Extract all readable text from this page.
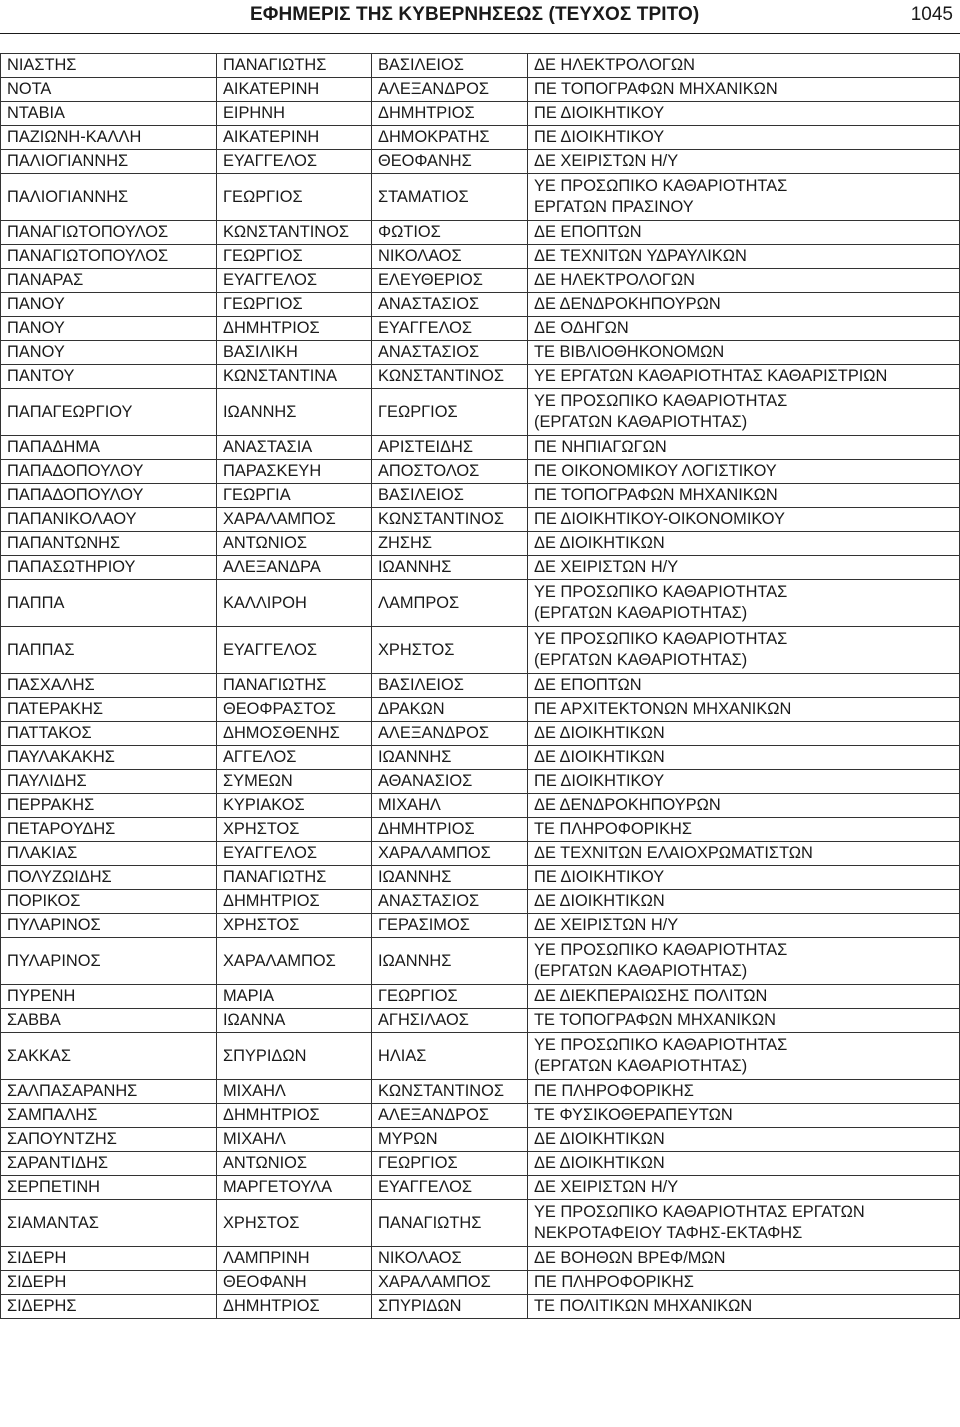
ΕΦΗΜΕΡΙΣ ΤΗΣ ΚΥΒΕΡΝΗΣΕΩΣ (ΤΕΥΧΟΣ ΤΡΙΤΟ)	1045
ΝΙΑΣΤΗΣ	ΠΑΝΑΓΙΩΤΗΣ	ΒΑΣΙΛΕΙΟΣ	ΔΕ ΗΛΕΚΤΡΟΛΟΓΩΝ

ΝΟΤΑ	ΑΙΚΑΤΕΡΙΝΗ	ΑΛΕΞΑΝΔΡΟΣ	ΠΕ ΤΟΠΟΓΡΑΦΩΝ ΜΗΧΑΝΙΚΩΝ

ΝΤΑΒΙΑ	ΕΙΡΗΝΗ	ΔΗΜΗΤΡΙΟΣ	ΠΕ ΔΙΟΙΚΗΤΙΚΟΥ

ΠΑΖΙΩΝΗ-ΚΑΛΛΗ	ΑΙΚΑΤΕΡΙΝΗ	ΔΗΜΟΚΡΑΤΗΣ	ΠΕ ΔΙΟΙΚΗΤΙΚΟΥ

ΠΑΛΙΟΓΙΑΝΝΗΣ	ΕΥΑΓΓΕΛΟΣ	ΘΕΟΦΑΝΗΣ	ΔΕ ΧΕΙΡΙΣΤΩΝ Η/Υ

ΠΑΛΙΟΓΙΑΝΝΗΣ	ΓΕΩΡΓΙΟΣ	ΣΤΑΜΑΤΙΟΣ	ΥΕ ΠΡΟΣΩΠΙΚΟ ΚΑΘΑΡΙΟΤΗΤΑΣ
ΕΡΓΑΤΩΝ ΠΡΑΣΙΝΟΥ

ΠΑΝΑΓΙΩΤΟΠΟΥΛΟΣ	ΚΩΝΣΤΑΝΤΙΝΟΣ	ΦΩΤΙΟΣ	ΔΕ ΕΠΟΠΤΩΝ

ΠΑΝΑΓΙΩΤΟΠΟΥΛΟΣ	ΓΕΩΡΓΙΟΣ	ΝΙΚΟΛΑΟΣ	ΔΕ ΤΕΧΝΙΤΩΝ ΥΔΡΑΥΛΙΚΩΝ

ΠΑΝΑΡΑΣ	ΕΥΑΓΓΕΛΟΣ	ΕΛΕΥΘΕΡΙΟΣ	ΔΕ ΗΛΕΚΤΡΟΛΟΓΩΝ

ΠΑΝΟΥ	ΓΕΩΡΓΙΟΣ	ΑΝΑΣΤΑΣΙΟΣ	ΔΕ ΔΕΝΔΡΟΚΗΠΟΥΡΩΝ

ΠΑΝΟΥ	ΔΗΜΗΤΡΙΟΣ	ΕΥΑΓΓΕΛΟΣ	ΔΕ ΟΔΗΓΩΝ

ΠΑΝΟΥ	ΒΑΣΙΛΙΚΗ	ΑΝΑΣΤΑΣΙΟΣ	ΤΕ ΒΙΒΛΙΟΘΗΚΟΝΟΜΩΝ

ΠΑΝΤΟΥ	ΚΩΝΣΤΑΝΤΙΝΑ	ΚΩΝΣΤΑΝΤΙΝΟΣ	ΥΕ ΕΡΓΑΤΩΝ ΚΑΘΑΡΙΟΤΗΤΑΣ ΚΑΘΑΡΙΣΤΡΙΩΝ

ΠΑΠΑΓΕΩΡΓΙΟΥ	ΙΩΑΝΝΗΣ	ΓΕΩΡΓΙΟΣ	ΥΕ ΠΡΟΣΩΠΙΚΟ ΚΑΘΑΡΙΟΤΗΤΑΣ
(ΕΡΓΑΤΩΝ ΚΑΘΑΡΙΟΤΗΤΑΣ)

ΠΑΠΑΔΗΜΑ	ΑΝΑΣΤΑΣΙΑ	ΑΡΙΣΤΕΙΔΗΣ	ΠΕ ΝΗΠΙΑΓΩΓΩΝ

ΠΑΠΑΔΟΠΟΥΛΟΥ	ΠΑΡΑΣΚΕΥΗ	ΑΠΟΣΤΟΛΟΣ	ΠΕ ΟΙΚΟΝΟΜΙΚΟΥ ΛΟΓΙΣΤΙΚΟΥ

ΠΑΠΑΔΟΠΟΥΛΟΥ	ΓΕΩΡΓΙΑ	ΒΑΣΙΛΕΙΟΣ	ΠΕ ΤΟΠΟΓΡΑΦΩΝ ΜΗΧΑΝΙΚΩΝ

ΠΑΠΑΝΙΚΟΛΑΟΥ	ΧΑΡΑΛΑΜΠΟΣ	ΚΩΝΣΤΑΝΤΙΝΟΣ	ΠΕ ΔΙΟΙΚΗΤΙΚΟΥ-ΟΙΚΟΝΟΜΙΚΟΥ

ΠΑΠΑΝΤΩΝΗΣ	ΑΝΤΩΝΙΟΣ	ΖΗΣΗΣ	ΔΕ ΔΙΟΙΚΗΤΙΚΩΝ

ΠΑΠΑΣΩΤΗΡΙΟΥ	ΑΛΕΞΑΝΔΡΑ	ΙΩΑΝΝΗΣ	ΔΕ ΧΕΙΡΙΣΤΩΝ Η/Υ

ΠΑΠΠΑ	ΚΑΛΛΙΡΟΗ	ΛΑΜΠΡΟΣ	ΥΕ ΠΡΟΣΩΠΙΚΟ ΚΑΘΑΡΙΟΤΗΤΑΣ
(ΕΡΓΑΤΩΝ ΚΑΘΑΡΙΟΤΗΤΑΣ)

ΠΑΠΠΑΣ	ΕΥΑΓΓΕΛΟΣ	ΧΡΗΣΤΟΣ	ΥΕ ΠΡΟΣΩΠΙΚΟ ΚΑΘΑΡΙΟΤΗΤΑΣ
(ΕΡΓΑΤΩΝ ΚΑΘΑΡΙΟΤΗΤΑΣ)

ΠΑΣΧΑΛΗΣ	ΠΑΝΑΓΙΩΤΗΣ	ΒΑΣΙΛΕΙΟΣ	ΔΕ ΕΠΟΠΤΩΝ

ΠΑΤΕΡΑΚΗΣ	ΘΕΟΦΡΑΣΤΟΣ	ΔΡΑΚΩΝ	ΠΕ ΑΡΧΙΤΕΚΤΟΝΩΝ ΜΗΧΑΝΙΚΩΝ

ΠΑΤΤΑΚΟΣ	ΔΗΜΟΣΘΕΝΗΣ	ΑΛΕΞΑΝΔΡΟΣ	ΔΕ ΔΙΟΙΚΗΤΙΚΩΝ

ΠΑΥΛΑΚΑΚΗΣ	ΑΓΓΕΛΟΣ	ΙΩΑΝΝΗΣ	ΔΕ ΔΙΟΙΚΗΤΙΚΩΝ

ΠΑΥΛΙΔΗΣ	ΣΥΜΕΩΝ	ΑΘΑΝΑΣΙΟΣ	ΠΕ ΔΙΟΙΚΗΤΙΚΟΥ

ΠΕΡΡΑΚΗΣ	ΚΥΡΙΑΚΟΣ	ΜΙΧΑΗΛ	ΔΕ ΔΕΝΔΡΟΚΗΠΟΥΡΩΝ

ΠΕΤΑΡΟΥΔΗΣ	ΧΡΗΣΤΟΣ	ΔΗΜΗΤΡΙΟΣ	ΤΕ ΠΛΗΡΟΦΟΡΙΚΗΣ

ΠΛΑΚΙΑΣ	ΕΥΑΓΓΕΛΟΣ	ΧΑΡΑΛΑΜΠΟΣ	ΔΕ ΤΕΧΝΙΤΩΝ ΕΛΑΙΟΧΡΩΜΑΤΙΣΤΩΝ

ΠΟΛΥΖΩΙΔΗΣ	ΠΑΝΑΓΙΩΤΗΣ	ΙΩΑΝΝΗΣ	ΠΕ ΔΙΟΙΚΗΤΙΚΟΥ

ΠΟΡΙΚΟΣ	ΔΗΜΗΤΡΙΟΣ	ΑΝΑΣΤΑΣΙΟΣ	ΔΕ ΔΙΟΙΚΗΤΙΚΩΝ

ΠΥΛΑΡΙΝΟΣ	ΧΡΗΣΤΟΣ	ΓΕΡΑΣΙΜΟΣ	ΔΕ ΧΕΙΡΙΣΤΩΝ Η/Υ

ΠΥΛΑΡΙΝΟΣ	ΧΑΡΑΛΑΜΠΟΣ	ΙΩΑΝΝΗΣ	ΥΕ ΠΡΟΣΩΠΙΚΟ ΚΑΘΑΡΙΟΤΗΤΑΣ
(ΕΡΓΑΤΩΝ ΚΑΘΑΡΙΟΤΗΤΑΣ)

ΠΥΡΕΝΗ	ΜΑΡΙΑ	ΓΕΩΡΓΙΟΣ	ΔΕ ΔΙΕΚΠΕΡΑΙΩΣΗΣ ΠΟΛΙΤΩΝ

ΣΑΒΒΑ	ΙΩΑΝΝΑ	ΑΓΗΣΙΛΑΟΣ	ΤΕ ΤΟΠΟΓΡΑΦΩΝ ΜΗΧΑΝΙΚΩΝ

ΣΑΚΚΑΣ	ΣΠΥΡΙΔΩΝ	ΗΛΙΑΣ	ΥΕ ΠΡΟΣΩΠΙΚΟ ΚΑΘΑΡΙΟΤΗΤΑΣ
(ΕΡΓΑΤΩΝ ΚΑΘΑΡΙΟΤΗΤΑΣ)

ΣΑΛΠΑΣΑΡΑΝΗΣ	ΜΙΧΑΗΛ	ΚΩΝΣΤΑΝΤΙΝΟΣ	ΠΕ ΠΛΗΡΟΦΟΡΙΚΗΣ

ΣΑΜΠΑΛΗΣ	ΔΗΜΗΤΡΙΟΣ	ΑΛΕΞΑΝΔΡΟΣ	ΤΕ ΦΥΣΙΚΟΘΕΡΑΠΕΥΤΩΝ

ΣΑΠΟΥΝΤΖΗΣ	ΜΙΧΑΗΛ	ΜΥΡΩΝ	ΔΕ ΔΙΟΙΚΗΤΙΚΩΝ

ΣΑΡΑΝΤΙΔΗΣ	ΑΝΤΩΝΙΟΣ	ΓΕΩΡΓΙΟΣ	ΔΕ ΔΙΟΙΚΗΤΙΚΩΝ

ΣΕΡΠΕΤΙΝΗ	ΜΑΡΓΕΤΟΥΛΑ	ΕΥΑΓΓΕΛΟΣ	ΔΕ ΧΕΙΡΙΣΤΩΝ Η/Υ

ΣΙΑΜΑΝΤΑΣ	ΧΡΗΣΤΟΣ	ΠΑΝΑΓΙΩΤΗΣ	ΥΕ ΠΡΟΣΩΠΙΚΟ ΚΑΘΑΡΙΟΤΗΤΑΣ ΕΡΓΑΤΩΝ
ΝΕΚΡΟΤΑΦΕΙΟΥ ΤΑΦΗΣ-ΕΚΤΑΦΗΣ

ΣΙΔΕΡΗ	ΛΑΜΠΡΙΝΗ	ΝΙΚΟΛΑΟΣ	ΔΕ ΒΟΗΘΩΝ ΒΡΕΦ/ΜΩΝ

ΣΙΔΕΡΗ	ΘΕΟΦΑΝΗ	ΧΑΡΑΛΑΜΠΟΣ	ΠΕ ΠΛΗΡΟΦΟΡΙΚΗΣ

ΣΙΔΕΡΗΣ	ΔΗΜΗΤΡΙΟΣ	ΣΠΥΡΙΔΩΝ	ΤΕ ΠΟΛΙΤΙΚΩΝ ΜΗΧΑΝΙΚΩΝ
